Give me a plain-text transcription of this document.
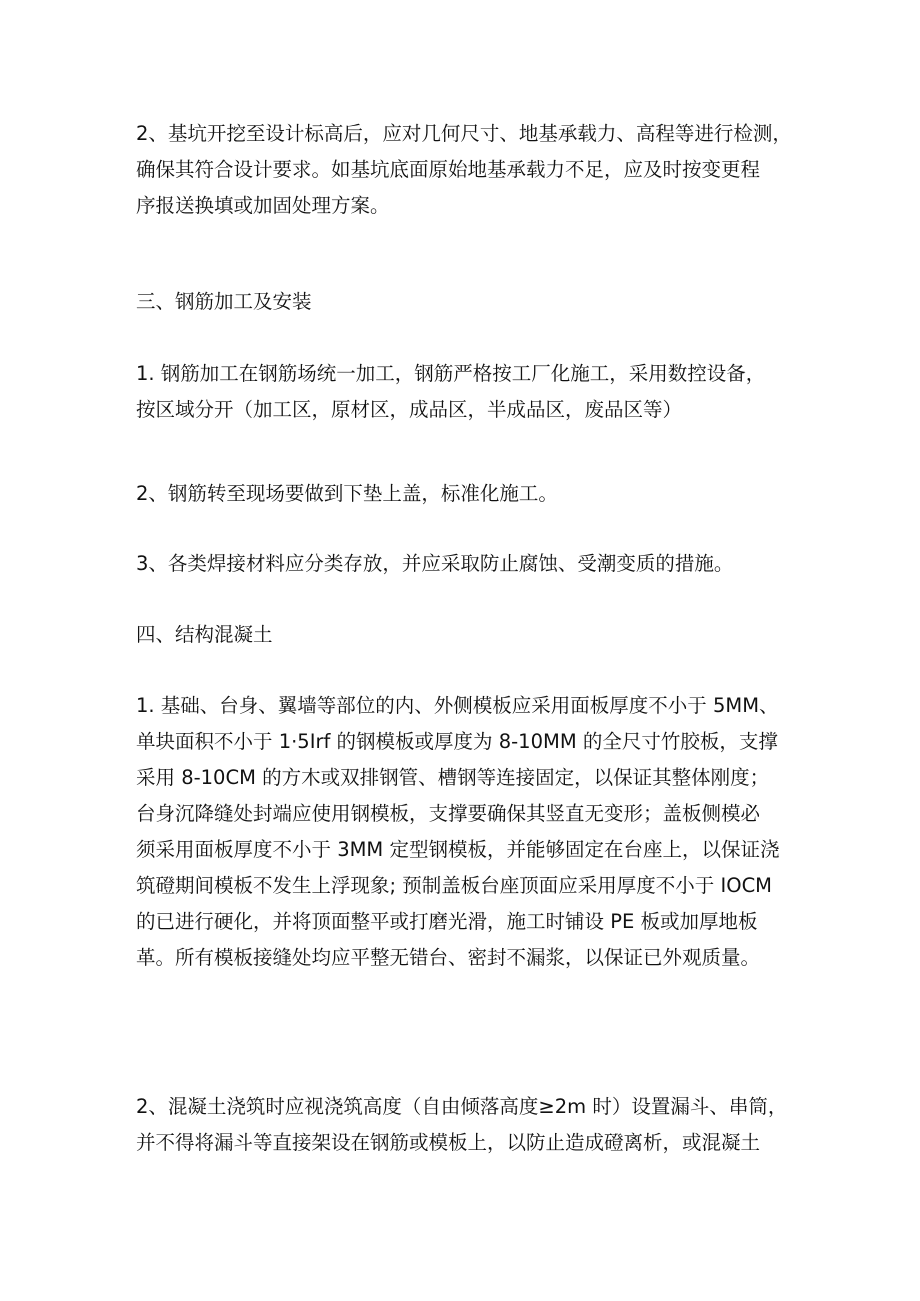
2、基坑开挖至设计标高后，应对几何尺寸、地基承载力、高程等进行检测，
确保其符合设计要求。如基坑底面原始地基承载力不足，应及时按变更程
序报送换填或加固处理方案。
三、钢筋加工及安装
1. 钢筋加工在钢筋场统一加工，钢筋严格按工厂化施工，采用数控设备，
按区域分开（加工区，原材区，成品区，半成品区，废品区等）
2、钢筋转至现场要做到下垫上盖，标准化施工。
3、各类焊接材料应分类存放，并应采取防止腐蚀、受潮变质的措施。
四、结构混凝土
1. 基础、台身、翼墙等部位的内、外侧模板应采用面板厚度不小于 5MM、
单块面积不小于 1·5Irf 的钢模板或厚度为 8-10MM 的全尺寸竹胶板，支撑
采用 8-10CM 的方木或双排钢管、槽钢等连接固定，以保证其整体刚度；
台身沉降缝处封端应使用钢模板，支撑要确保其竖直无变形；盖板侧模必
须采用面板厚度不小于 3MM 定型钢模板，并能够固定在台座上，以保证浇
筑磴期间模板不发生上浮现象; 预制盖板台座顶面应采用厚度不小于 IOCM
的已进行硬化，并将顶面整平或打磨光滑，施工时铺设 PE 板或加厚地板
革。所有模板接缝处均应平整无错台、密封不漏浆，以保证已外观质量。
2、混凝土浇筑时应视浇筑高度（自由倾落高度≥2m 时）设置漏斗、串筒，
并不得将漏斗等直接架设在钢筋或模板上，以防止造成磴离析，或混凝土
